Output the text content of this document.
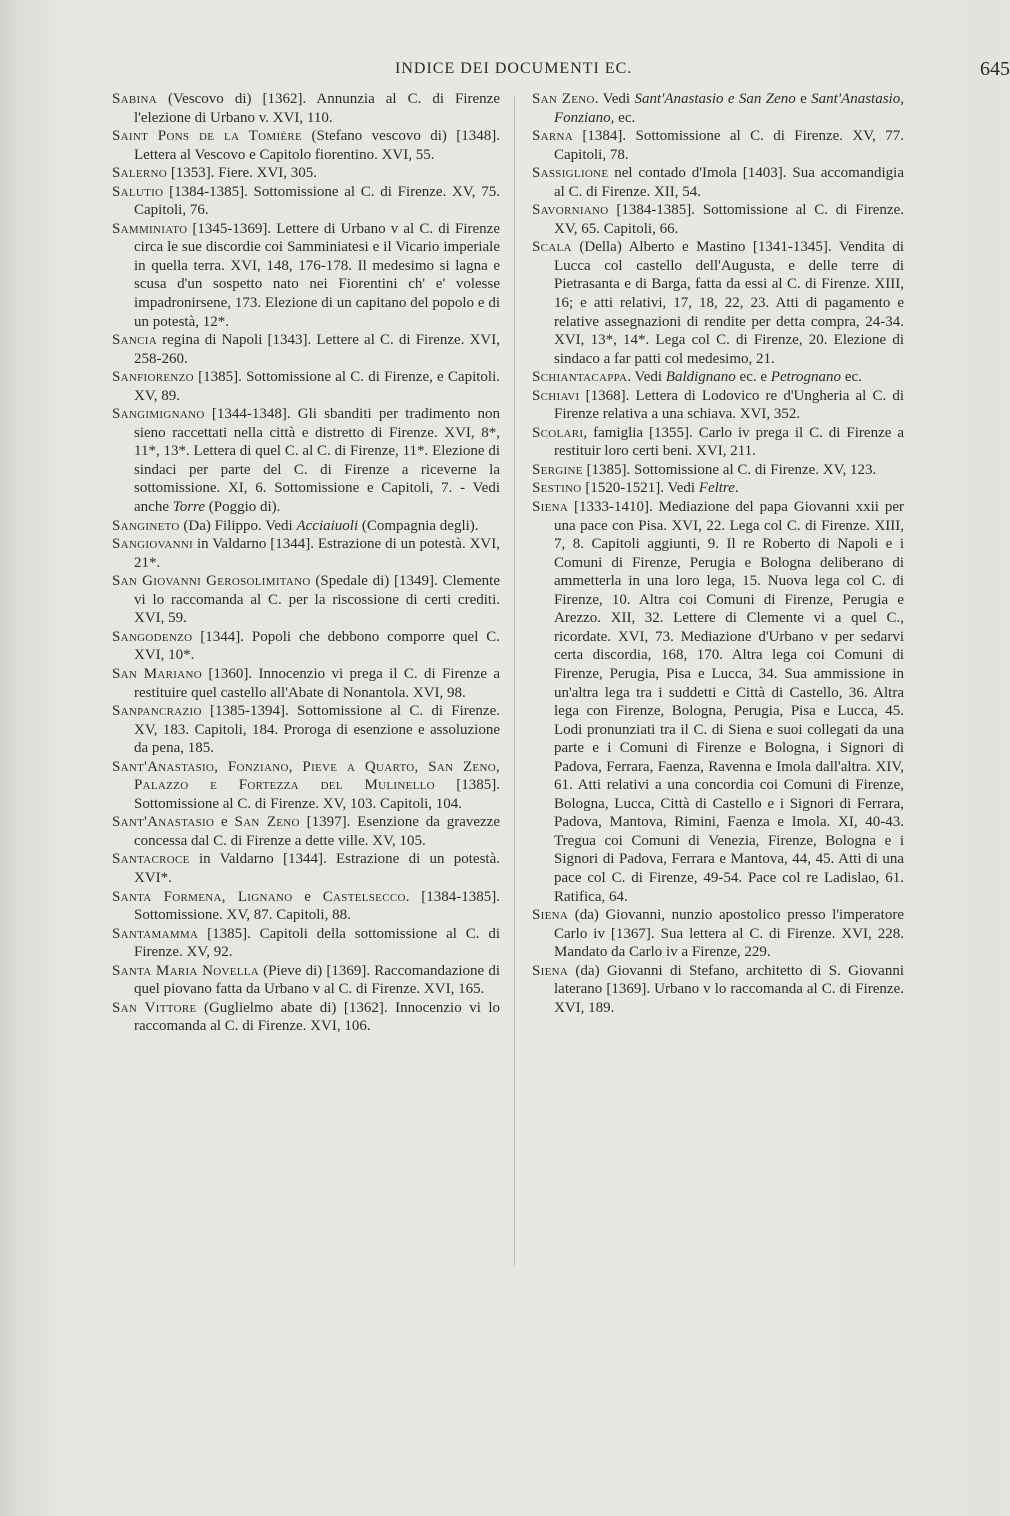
INDICE DEI DOCUMENTI EC.	645

Sabina (Vescovo di) [1362]. Annunzia al C. di Firenze l'elezione di Urbano v. XVI, 110.

Saint Pons de la Tomière (Stefano vescovo di) [1348]. Lettera al Vescovo e Capitolo fiorentino. XVI, 55.

Salerno [1353]. Fiere. XVI, 305.

Salutio [1384-1385]. Sottomissione al C. di Firenze. XV, 75. Capitoli, 76.

Samminiato [1345-1369]. Lettere di Urbano v al C. di Firenze circa le sue discordie coi Samminiatesi e il Vicario imperiale in quella terra. XVI, 148, 176-178. Il medesimo si lagna e scusa d'un sospetto nato nei Fiorentini ch' e' volesse impadronirsene, 173. Elezione di un capitano del popolo e di un potestà, 12*.

Sancia regina di Napoli [1343]. Lettere al C. di Firenze. XVI, 258-260.

Sanfiorenzo [1385]. Sottomissione al C. di Firenze, e Capitoli. XV, 89.

Sangimignano [1344-1348]. Gli sbanditi per tradimento non sieno raccettati nella città e distretto di Firenze. XVI, 8*, 11*, 13*. Lettera di quel C. al C. di Firenze, 11*. Elezione di sindaci per parte del C. di Firenze a riceverne la sottomissione. XI, 6. Sottomissione e Capitoli, 7. - Vedi anche Torre (Poggio di).

Sangineto (Da) Filippo. Vedi Acciaiuoli (Compagnia degli).

Sangiovanni in Valdarno [1344]. Estrazione di un potestà. XVI, 21*.

San Giovanni Gerosolimitano (Spedale di) [1349]. Clemente vi lo raccomanda al C. per la riscossione di certi crediti. XVI, 59.

Sangodenzo [1344]. Popoli che debbono comporre quel C. XVI, 10*.

San Mariano [1360]. Innocenzio vi prega il C. di Firenze a restituire quel castello all'Abate di Nonantola. XVI, 98.

Sanpancrazio [1385-1394]. Sottomissione al C. di Firenze. XV, 183. Capitoli, 184. Proroga di esenzione e assoluzione da pena, 185.

Sant'Anastasio, Fonziano, Pieve a Quarto, San Zeno, Palazzo e Fortezza del Mulinello [1385]. Sottomissione al C. di Firenze. XV, 103. Capitoli, 104.

Sant'Anastasio e San Zeno [1397]. Esenzione da gravezze concessa dal C. di Firenze a dette ville. XV, 105.

Santacroce in Valdarno [1344]. Estrazione di un potestà. XVI*.

Santa Formena, Lignano e Castelsecco. [1384-1385]. Sottomissione. XV, 87. Capitoli, 88.

Santamamma [1385]. Capitoli della sottomissione al C. di Firenze. XV, 92.

Santa Maria Novella (Pieve di) [1369]. Raccomandazione di quel piovano fatta da Urbano v al C. di Firenze. XVI, 165.

San Vittore (Guglielmo abate di) [1362]. Innocenzio vi lo raccomanda al C. di Firenze. XVI, 106.

San Zeno. Vedi Sant'Anastasio e San Zeno e Sant'Anastasio, Fonziano, ec.

Sarna [1384]. Sottomissione al C. di Firenze. XV, 77. Capitoli, 78.

Sassiglione nel contado d'Imola [1403]. Sua accomandigia al C. di Firenze. XII, 54.

Savorniano [1384-1385]. Sottomissione al C. di Firenze. XV, 65. Capitoli, 66.

Scala (Della) Alberto e Mastino [1341-1345]. Vendita di Lucca col castello dell'Augusta, e delle terre di Pietrasanta e di Barga, fatta da essi al C. di Firenze. XIII, 16; e atti relativi, 17, 18, 22, 23. Atti di pagamento e relative assegnazioni di rendite per detta compra, 24-34. XVI, 13*, 14*. Lega col C. di Firenze, 20. Elezione di sindaco a far patti col medesimo, 21.

Schiantacappa. Vedi Baldignano ec. e Petrognano ec.

Schiavi [1368]. Lettera di Lodovico re d'Ungheria al C. di Firenze relativa a una schiava. XVI, 352.

Scolari, famiglia [1355]. Carlo iv prega il C. di Firenze a restituir loro certi beni. XVI, 211.

Sergine [1385]. Sottomissione al C. di Firenze. XV, 123.

Sestino [1520-1521]. Vedi Feltre.

Siena [1333-1410]. Mediazione del papa Giovanni xxii per una pace con Pisa. XVI, 22. Lega col C. di Firenze. XIII, 7, 8. Capitoli aggiunti, 9. Il re Roberto di Napoli e i Comuni di Firenze, Perugia e Bologna deliberano di ammetterla in una loro lega, 15. Nuova lega col C. di Firenze, 10. Altra coi Comuni di Firenze, Perugia e Arezzo. XII, 32. Lettere di Clemente vi a quel C., ricordate. XVI, 73. Mediazione d'Urbano v per sedarvi certa discordia, 168, 170. Altra lega coi Comuni di Firenze, Perugia, Pisa e Lucca, 34. Sua ammissione in un'altra lega tra i suddetti e Città di Castello, 36. Altra lega con Firenze, Bologna, Perugia, Pisa e Lucca, 45. Lodi pronunziati tra il C. di Siena e suoi collegati da una parte e i Comuni di Firenze e Bologna, i Signori di Padova, Ferrara, Faenza, Ravenna e Imola dall'altra. XIV, 61. Atti relativi a una concordia coi Comuni di Firenze, Bologna, Lucca, Città di Castello e i Signori di Ferrara, Padova, Mantova, Rimini, Faenza e Imola. XI, 40-43. Tregua coi Comuni di Venezia, Firenze, Bologna e i Signori di Padova, Ferrara e Mantova, 44, 45. Atti di una pace col C. di Firenze, 49-54. Pace col re Ladislao, 61. Ratifica, 64.

Siena (da) Giovanni, nunzio apostolico presso l'imperatore Carlo iv [1367]. Sua lettera al C. di Firenze. XVI, 228. Mandato da Carlo iv a Firenze, 229.

Siena (da) Giovanni di Stefano, architetto di S. Giovanni laterano [1369]. Urbano v lo raccomanda al C. di Firenze. XVI, 189.
